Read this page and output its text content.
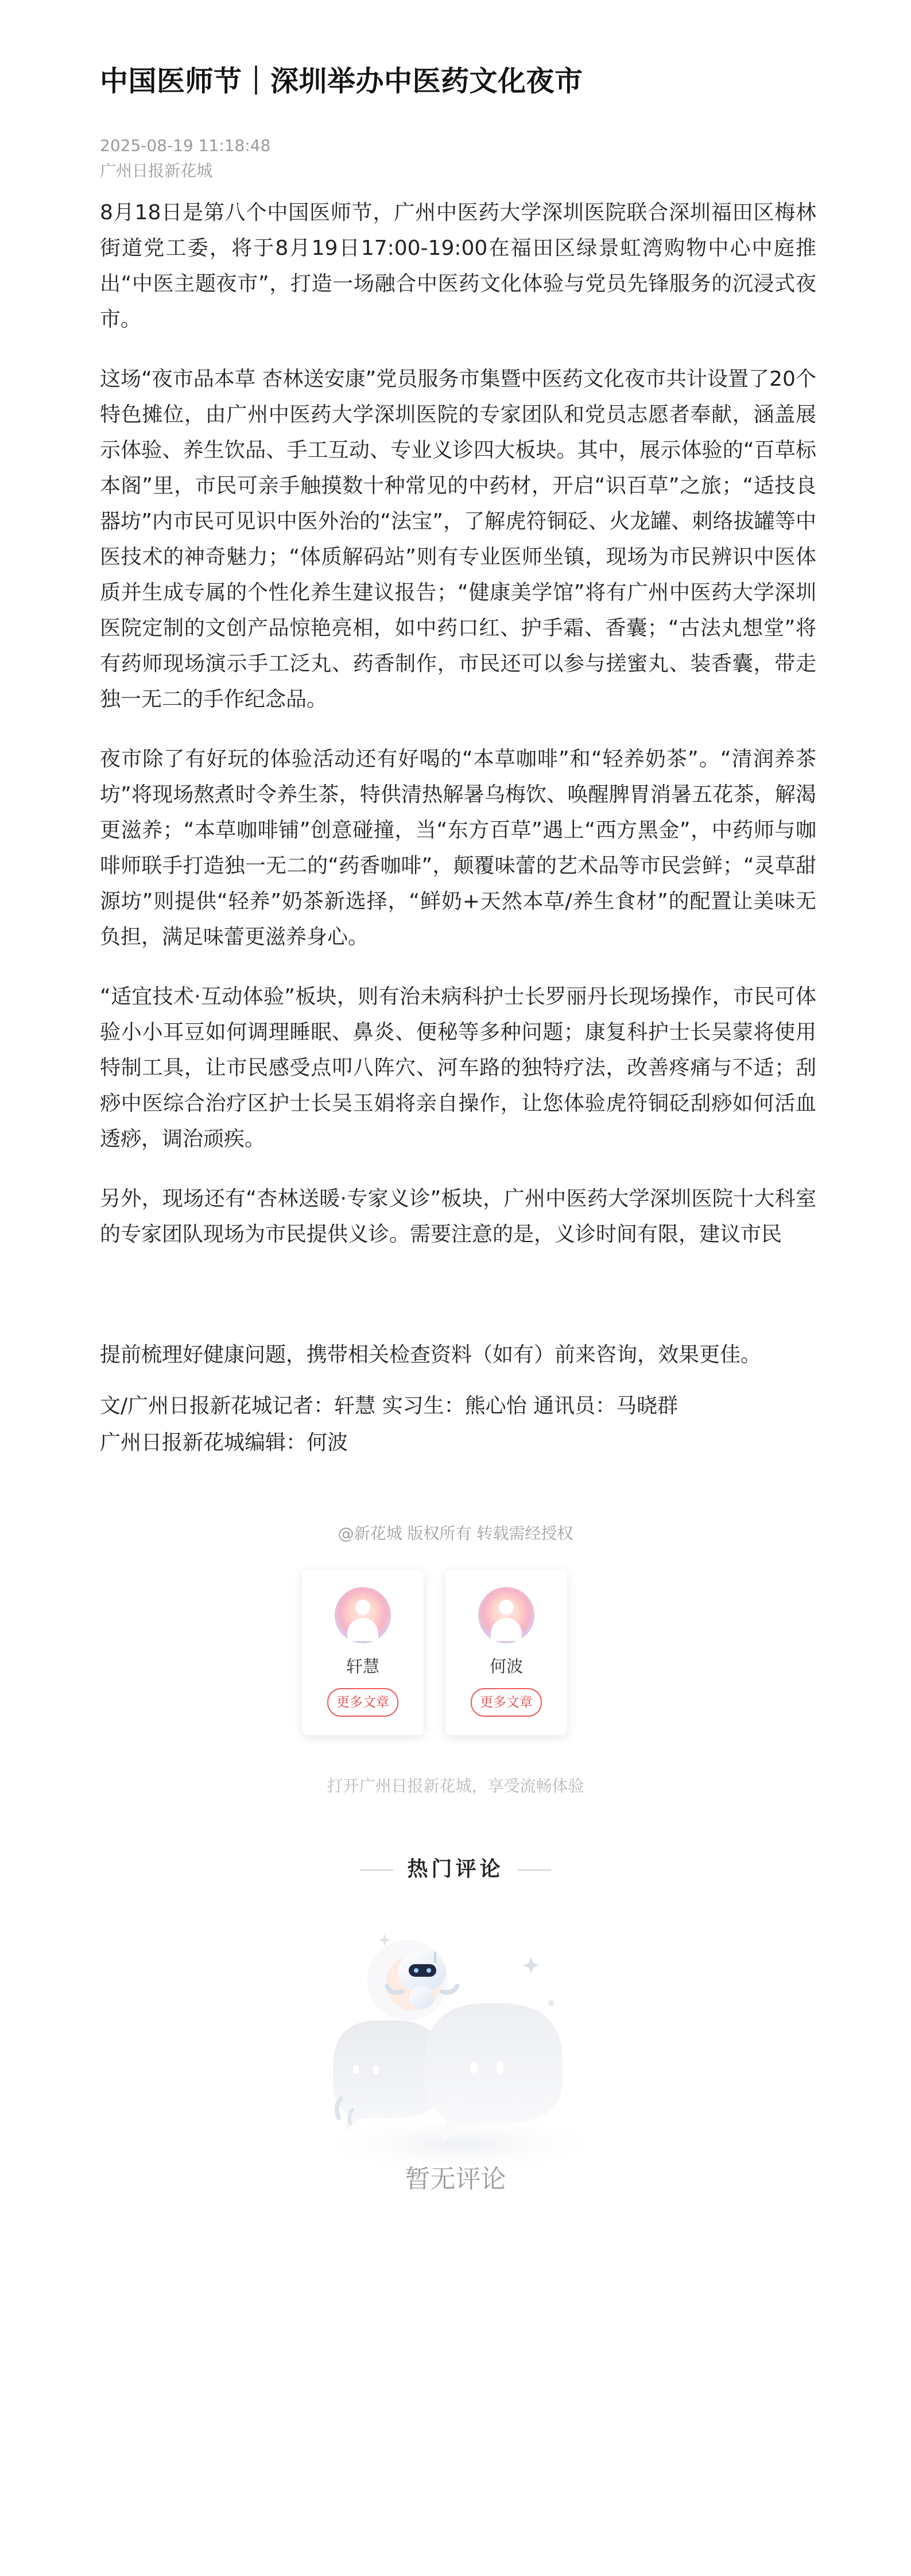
中国医师节｜深圳举办中医药文化夜市
2025-08-19 11:18:48
广州日报新花城

8月18日是第八个中国医师节，广州中医药大学深圳医院联合深圳福田区梅林街道党工委，将于8月19日17:00-19:00在福田区绿景虹湾购物中心中庭推出“中医主题夜市”，打造一场融合中医药文化体验与党员先锋服务的沉浸式夜市。

这场“夜市品本草 杏林送安康”党员服务市集暨中医药文化夜市共计设置了20个特色摊位，由广州中医药大学深圳医院的专家团队和党员志愿者奉献，涵盖展示体验、养生饮品、手工互动、专业义诊四大板块。其中，展示体验的“百草标本阁”里，市民可亲手触摸数十种常见的中药材，开启“识百草”之旅；“适技良器坊”内市民可见识中医外治的“法宝”，了解虎符铜砭、火龙罐、刺络拔罐等中医技术的神奇魅力；“体质解码站”则有专业医师坐镇，现场为市民辨识中医体质并生成专属的个性化养生建议报告；“健康美学馆”将有广州中医药大学深圳医院定制的文创产品惊艳亮相，如中药口红、护手霜、香囊；“古法丸想堂”将有药师现场演示手工泛丸、药香制作，市民还可以参与搓蜜丸、装香囊，带走独一无二的手作纪念品。

夜市除了有好玩的体验活动还有好喝的“本草咖啡”和“轻养奶茶”。“清润养茶坊”将现场熬煮时令养生茶，特供清热解暑乌梅饮、唤醒脾胃消暑五花茶，解渴更滋养；“本草咖啡铺”创意碰撞，当“东方百草”遇上“西方黑金”，中药师与咖啡师联手打造独一无二的“药香咖啡”，颠覆味蕾的艺术品等市民尝鲜；“灵草甜源坊”则提供“轻养”奶茶新选择，“鲜奶+天然本草/养生食材”的配置让美味无负担，满足味蕾更滋养身心。

“适宜技术·互动体验”板块，则有治未病科护士长罗丽丹长现场操作，市民可体验小小耳豆如何调理睡眠、鼻炎、便秘等多种问题；康复科护士长吴蒙将使用特制工具，让市民感受点叩八阵穴、河车路的独特疗法，改善疼痛与不适；刮痧中医综合治疗区护士长吴玉娟将亲自操作，让您体验虎符铜砭刮痧如何活血透痧，调治顽疾。

另外，现场还有“杏林送暖·专家义诊”板块，广州中医药大学深圳医院十大科室的专家团队现场为市民提供义诊。需要注意的是，义诊时间有限，建议市民

提前梳理好健康问题，携带相关检查资料（如有）前来咨询，效果更佳。

文/广州日报新花城记者：轩慧 实习生：熊心怡 通讯员：马晓群
广州日报新花城编辑：何波
@新花城 版权所有 转载需经授权
轩慧
更多文章
何波
更多文章
打开广州日报新花城，享受流畅体验
热门评论
暂无评论
